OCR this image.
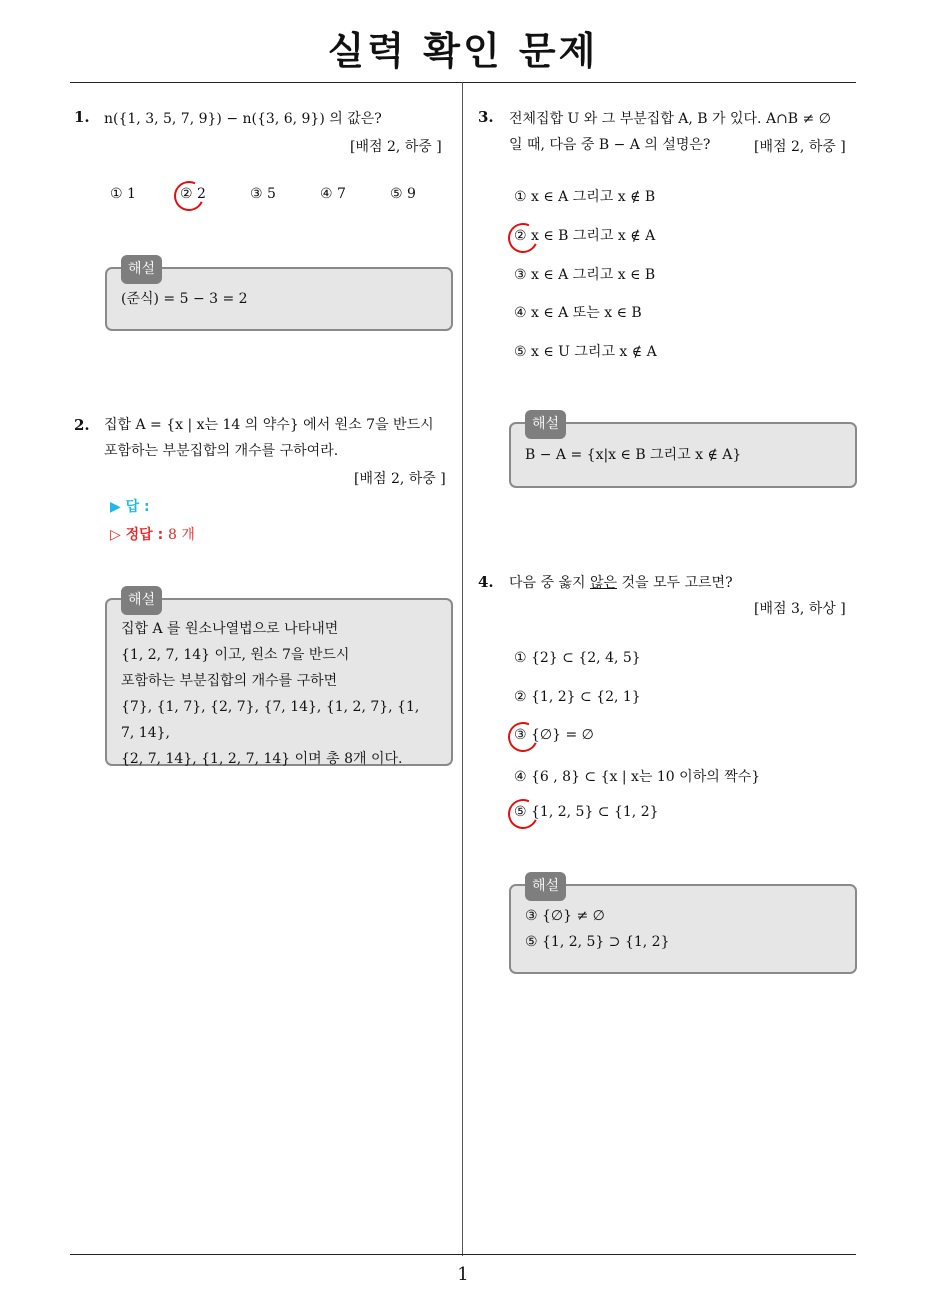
실력 확인 문제
1
1. n({1, 3, 5, 7, 9}) − n({3, 6, 9}) 의 값은?
[배점 2, 하중 ]
① 1	② 2	③ 5	④ 7	⑤ 9
해설
(준식) = 5 − 3 = 2
2. 집합 A = {x | x는 14 의 약수} 에서 원소 7을 반드시
포함하는 부분집합의 개수를 구하여라.
[배점 2, 하중 ]
▶ 답 :
▷ 정답 : 8 개
해설
집합 A 를 원소나열법으로 나타내면
{1, 2, 7, 14} 이고, 원소 7을 반드시
포함하는 부분집합의 개수를 구하면
{7}, {1, 7}, {2, 7}, {7, 14}, {1, 2, 7}, {1, 7, 14},
{2, 7, 14}, {1, 2, 7, 14} 이며 총 8개 이다.
3. 전체집합 U 와 그 부분집합 A, B 가 있다. A∩B ≠ ∅
일 때, 다음 중 B − A 의 설명은?	[배점 2, 하중 ]
① x ∈ A 그리고 x ∉ B
② x ∈ B 그리고 x ∉ A
③ x ∈ A 그리고 x ∈ B
④ x ∈ A 또는 x ∈ B
⑤ x ∈ U 그리고 x ∉ A
해설
B − A = {x|x ∈ B 그리고 x ∉ A}
4. 다음 중 옳지 않은 것을 모두 고르면?
[배점 3, 하상 ]
① {2} ⊂ {2, 4, 5}
② {1, 2} ⊂ {2, 1}
③ {∅} = ∅
④ {6 , 8} ⊂ {x | x는 10 이하의 짝수}
⑤ {1, 2, 5} ⊂ {1, 2}
해설
③ {∅} ≠ ∅
⑤ {1, 2, 5} ⊃ {1, 2}
